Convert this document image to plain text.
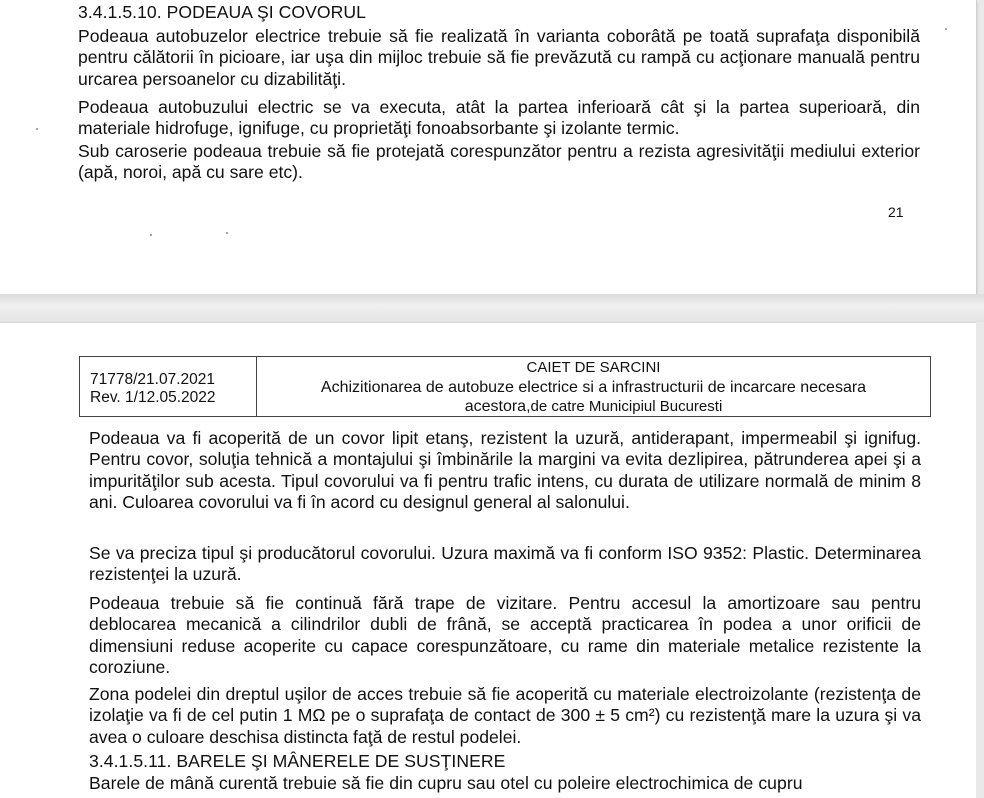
3.4.1.5.10. PODEAUA ŞI COVORUL

Podeaua autobuzelor electrice trebuie să fie realizată în varianta coborâtă pe toată suprafaţa disponibilă pentru călătorii în picioare, iar uşa din mijloc trebuie să fie prevăzută cu rampă cu acţionare manuală pentru urcarea persoanelor cu dizabilităţi.

Podeaua autobuzului electric se va executa, atât la partea inferioară cât şi la partea superioară, din materiale hidrofuge, ignifuge, cu proprietăţi fonoabsorbante şi izolante termic.

Sub caroserie podeaua trebuie să fie protejată corespunzător pentru a rezista agresivităţii mediului exterior (apă, noroi, apă cu sare etc).

21
71778/21.07.2021
Rev. 1/12.05.2022
CAIET DE SARCINI
Achizitionarea de autobuze electrice si a infrastructurii de incarcare necesara
acestora,de catre Municipiul Bucuresti

Podeaua va fi acoperită de un covor lipit etanş, rezistent la uzură, antiderapant, impermeabil şi ignifug. Pentru covor, soluţia tehnică a montajului şi îmbinările la margini va evita dezlipirea, pătrunderea apei şi a impurităţilor sub acesta. Tipul covorului va fi pentru trafic intens, cu durata de utilizare normală de minim 8 ani. Culoarea covorului va fi în acord cu designul general al salonului.

Se va preciza tipul şi producătorul covorului. Uzura maximă va fi conform ISO 9352: Plastic. Determinarea rezistenţei la uzură.

Podeaua trebuie să fie continuă fără trape de vizitare. Pentru accesul la amortizoare sau pentru deblocarea mecanică a cilindrilor dubli de frână, se acceptă practicarea în podea a unor orificii de dimensiuni reduse acoperite cu capace corespunzătoare, cu rame din materiale metalice rezistente la coroziune.

Zona podelei din dreptul uşilor de acces trebuie să fie acoperită cu materiale electroizolante (rezistenţa de izolaţie va fi de cel putin 1 MΩ pe o suprafaţa de contact de 300 ± 5 cm²) cu rezistenţă mare la uzura şi va avea o culoare deschisa distincta faţă de restul podelei.

3.4.1.5.11. BARELE ŞI MÂNERELE DE SUSŢINERE
Barele de mână curentă trebuie să fie din cupru sau otel cu poleire electrochimica de cupru
